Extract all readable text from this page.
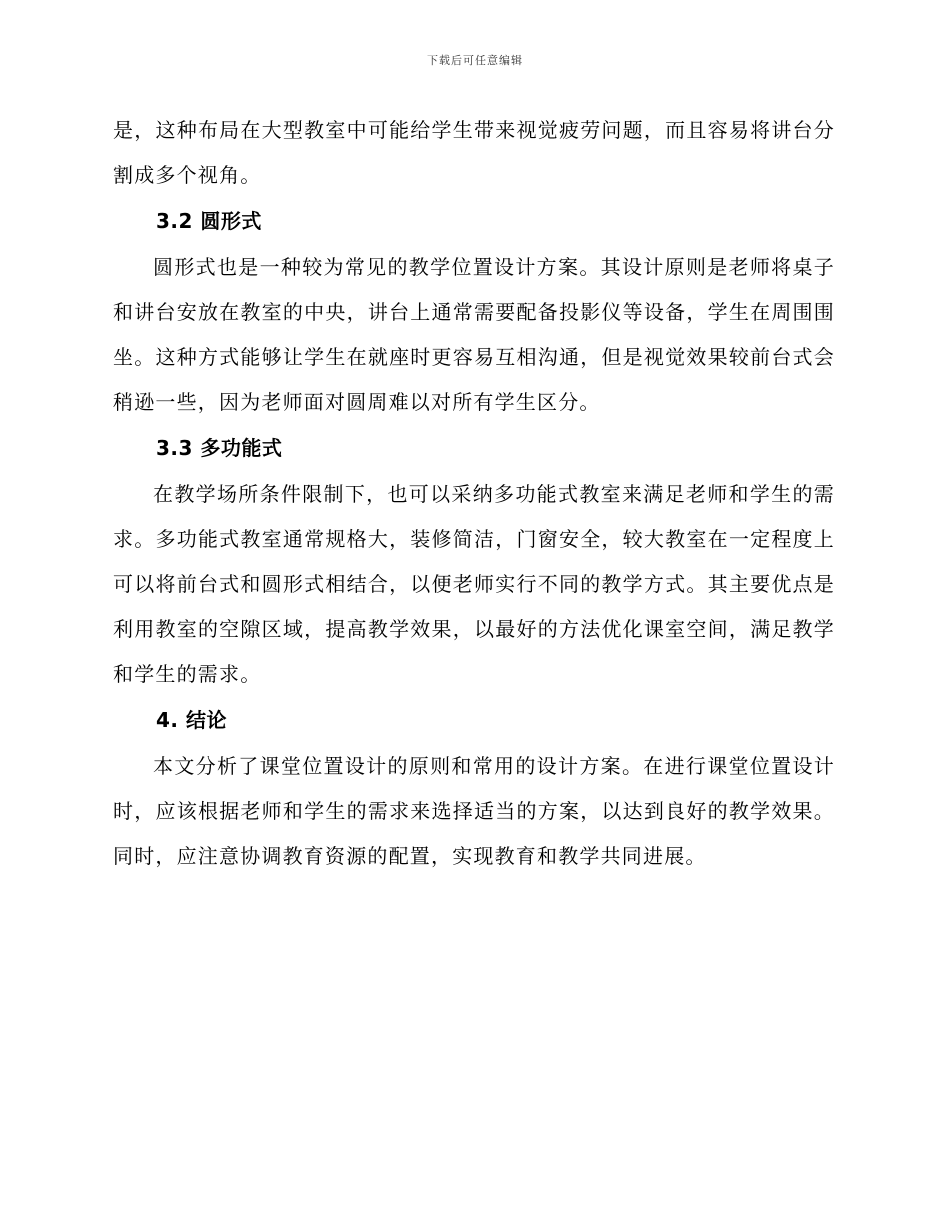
下载后可任意编辑

是，这种布局在大型教室中可能给学生带来视觉疲劳问题，而且容易将讲台分割成多个视角。

3.2 圆形式

圆形式也是一种较为常见的教学位置设计方案。其设计原则是老师将桌子和讲台安放在教室的中央，讲台上通常需要配备投影仪等设备，学生在周围围坐。这种方式能够让学生在就座时更容易互相沟通，但是视觉效果较前台式会稍逊一些，因为老师面对圆周难以对所有学生区分。

3.3 多功能式

在教学场所条件限制下，也可以采纳多功能式教室来满足老师和学生的需求。多功能式教室通常规格大，装修简洁，门窗安全，较大教室在一定程度上可以将前台式和圆形式相结合，以便老师实行不同的教学方式。其主要优点是利用教室的空隙区域，提高教学效果，以最好的方法优化课室空间，满足教学和学生的需求。

4. 结论

本文分析了课堂位置设计的原则和常用的设计方案。在进行课堂位置设计时，应该根据老师和学生的需求来选择适当的方案，以达到良好的教学效果。同时，应注意协调教育资源的配置，实现教育和教学共同进展。
